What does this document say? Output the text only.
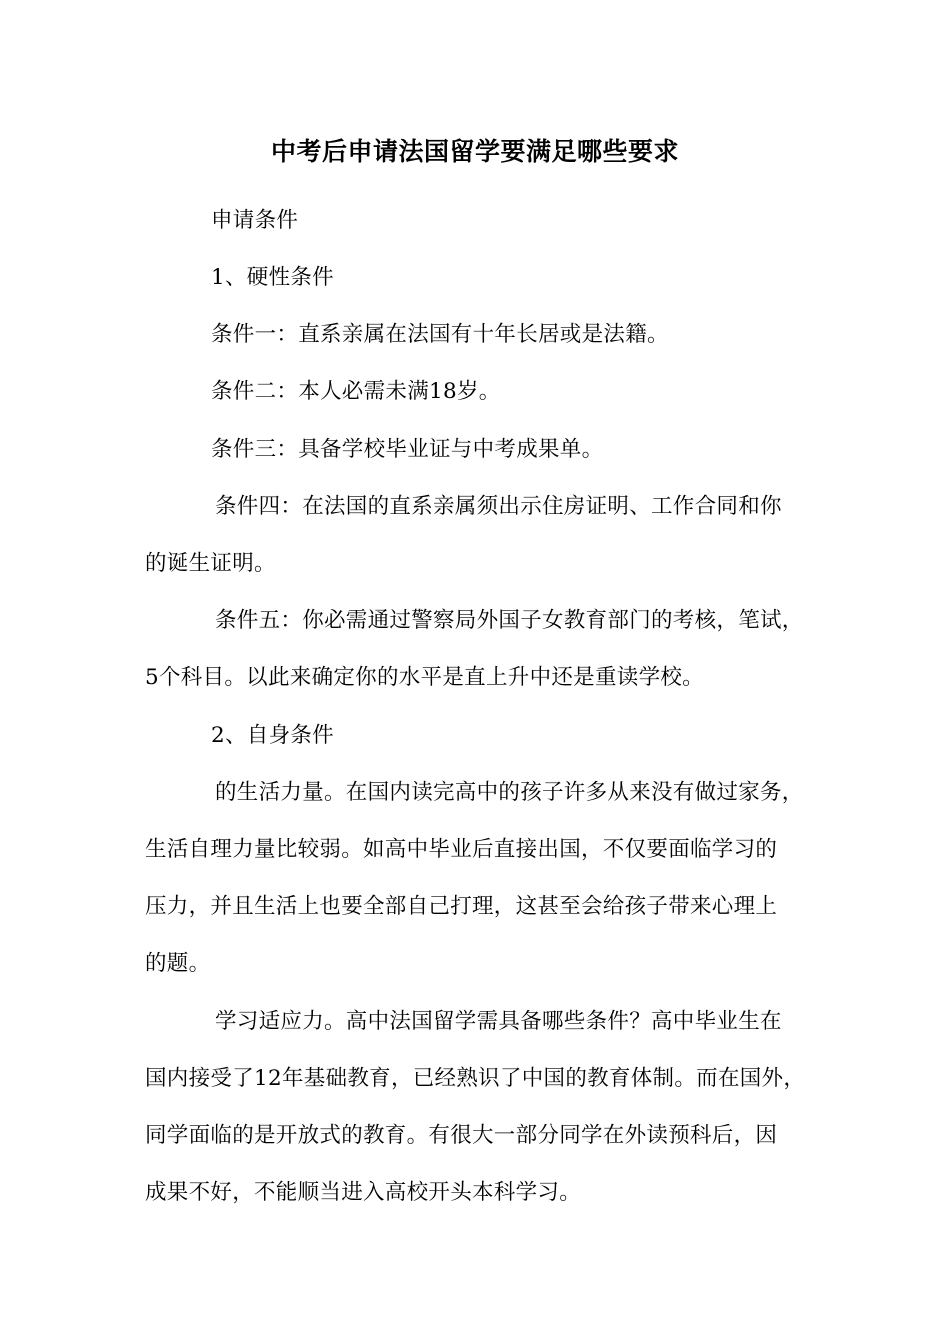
中考后申请法国留学要满足哪些要求
申请条件
1、硬性条件
条件一：直系亲属在法国有十年长居或是法籍。
条件二：本人必需未满18岁。
条件三：具备学校毕业证与中考成果单。
条件四：在法国的直系亲属须出示住房证明、工作合同和你
的诞生证明。
条件五：你必需通过警察局外国子女教育部门的考核，笔试，
5个科目。以此来确定你的水平是直上升中还是重读学校。
2、自身条件
的生活力量。在国内读完高中的孩子许多从来没有做过家务，
生活自理力量比较弱。如高中毕业后直接出国，不仅要面临学习的
压力，并且生活上也要全部自己打理，这甚至会给孩子带来心理上
的题。
学习适应力。高中法国留学需具备哪些条件？高中毕业生在
国内接受了12年基础教育，已经熟识了中国的教育体制。而在国外，
同学面临的是开放式的教育。有很大一部分同学在外读预科后，因
成果不好，不能顺当进入高校开头本科学习。
